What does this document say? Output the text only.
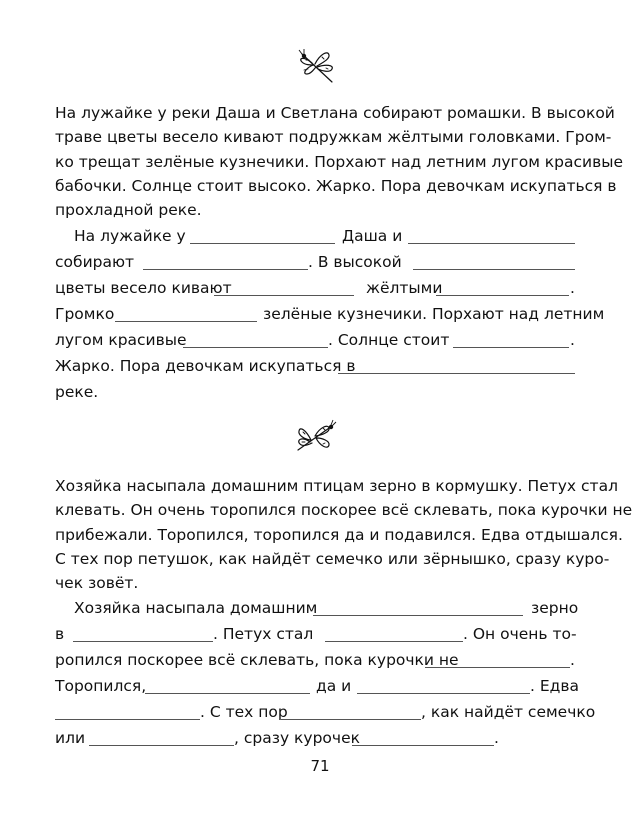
На лужайке у реки Даша и Светлана собирают ромашки. В высокой
траве цветы весело кивают подружкам жёлтыми головками. Гром-
ко трещат зелёные кузнечики. Порхают над летним лугом красивые
бабочки. Солнце стоит высоко. Жарко. Пора девочкам искупаться в
прохладной реке.
На лужайке у	Даша и
собирают	. В высокой
цветы весело кивают	жёлтыми	.
Громко	зелёные кузнечики. Порхают над летним
лугом красивые	. Солнце стоит	.
Жарко. Пора девочкам искупаться в
реке.
Хозяйка насыпала домашним птицам зерно в кормушку. Петух стал
клевать. Он очень торопился поскорее всё склевать, пока курочки не
прибежали. Торопился, торопился да и подавился. Едва отдышался.
С тех пор петушок, как найдёт семечко или зёрнышко, сразу куро-
чек зовёт.
Хозяйка насыпала домашним	зерно
в	. Петух стал	. Он очень то-
ропился поскорее всё склевать, пока курочки не	.
Торопился,	да и	. Едва
. С тех пор	, как найдёт семечко
или	, сразу курочек	.
71
